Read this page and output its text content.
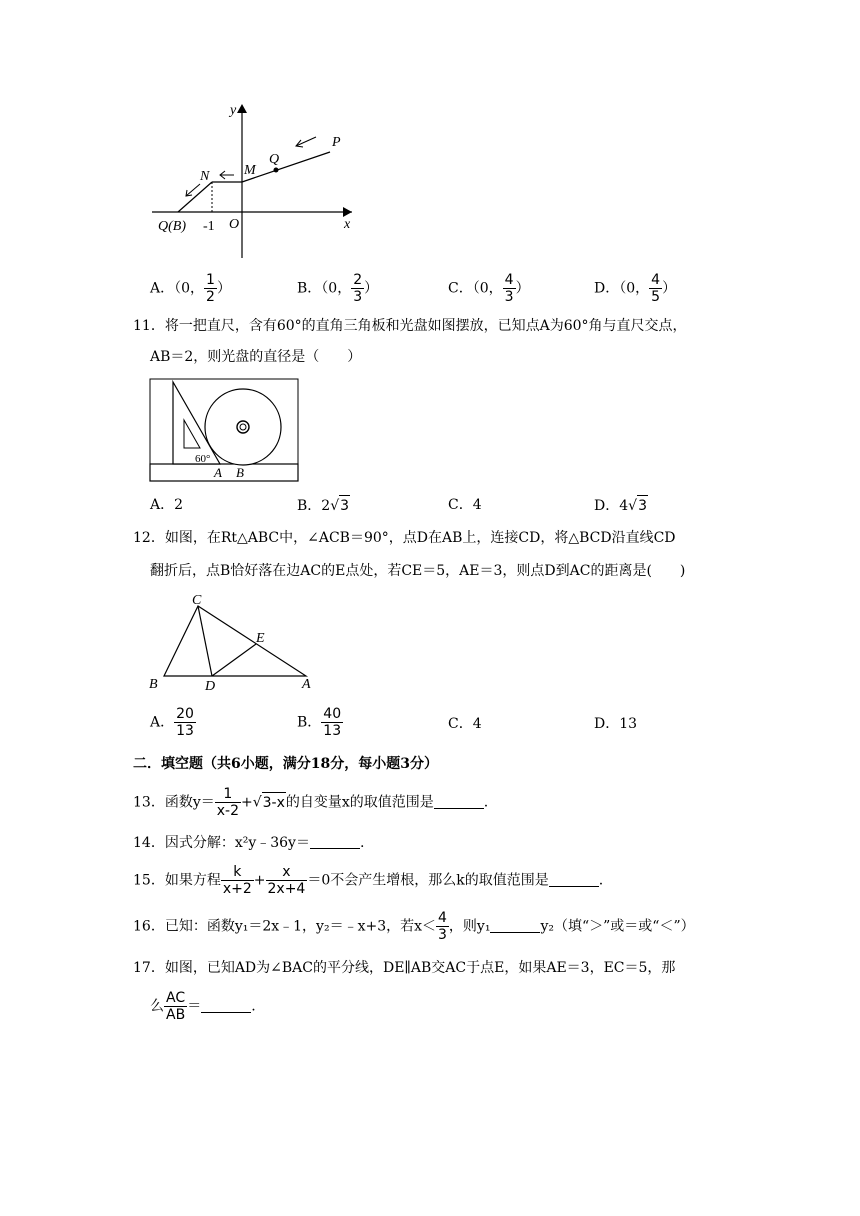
y
x
P
Q
M
N
O
Q(B) -1
A．（0， $\frac{1}{2}$ ）	B．（0， $\frac{2}{3}$ ）	C．（0， $\frac{4}{3}$ ）	D．（0， $\frac{4}{5}$ ）
11．将一把直尺，含有60°的直角三角板和光盘如图摆放，已知点A为60°角与直尺交点，
AB＝2，则光盘的直径是（　　）
60°
A B
A．2	B．2√3	C．4	D．4√3
12．如图，在Rt△ABC中，∠ACB＝90°，点D在AB上，连接CD，将△BCD沿直线CD
翻折后，点B恰好落在边AC的E点处，若CE＝5，AE＝3，则点D到AC的距离是(　　)
C
E
B	D	A
A． $\frac{20}{13}$	B． $\frac{40}{13}$	C．4	D．13
二．填空题（共6小题，满分18分，每小题3分）
13．函数$y= \frac{1}{x-2} +√3-x$的自变量x的取值范围是	.
14．因式分解：x²y﹣36y＝	.
15．如果方程 $\frac{k}{x+2} + \frac{x}{2x+4} =0$不会产生增根，那么k的取值范围是	.
16．已知：函数y₁＝2x﹣1，y₂＝﹣x+3，若$x< \frac{4}{3}$ ，则y₁	y₂（填“＞”或＝或“＜”）
17．如图，已知AD为∠BAC的平分线，DE∥AB交AC于点E，如果AE＝3，EC＝5，那
么 $\frac{AC}{AB}$ ＝	.
